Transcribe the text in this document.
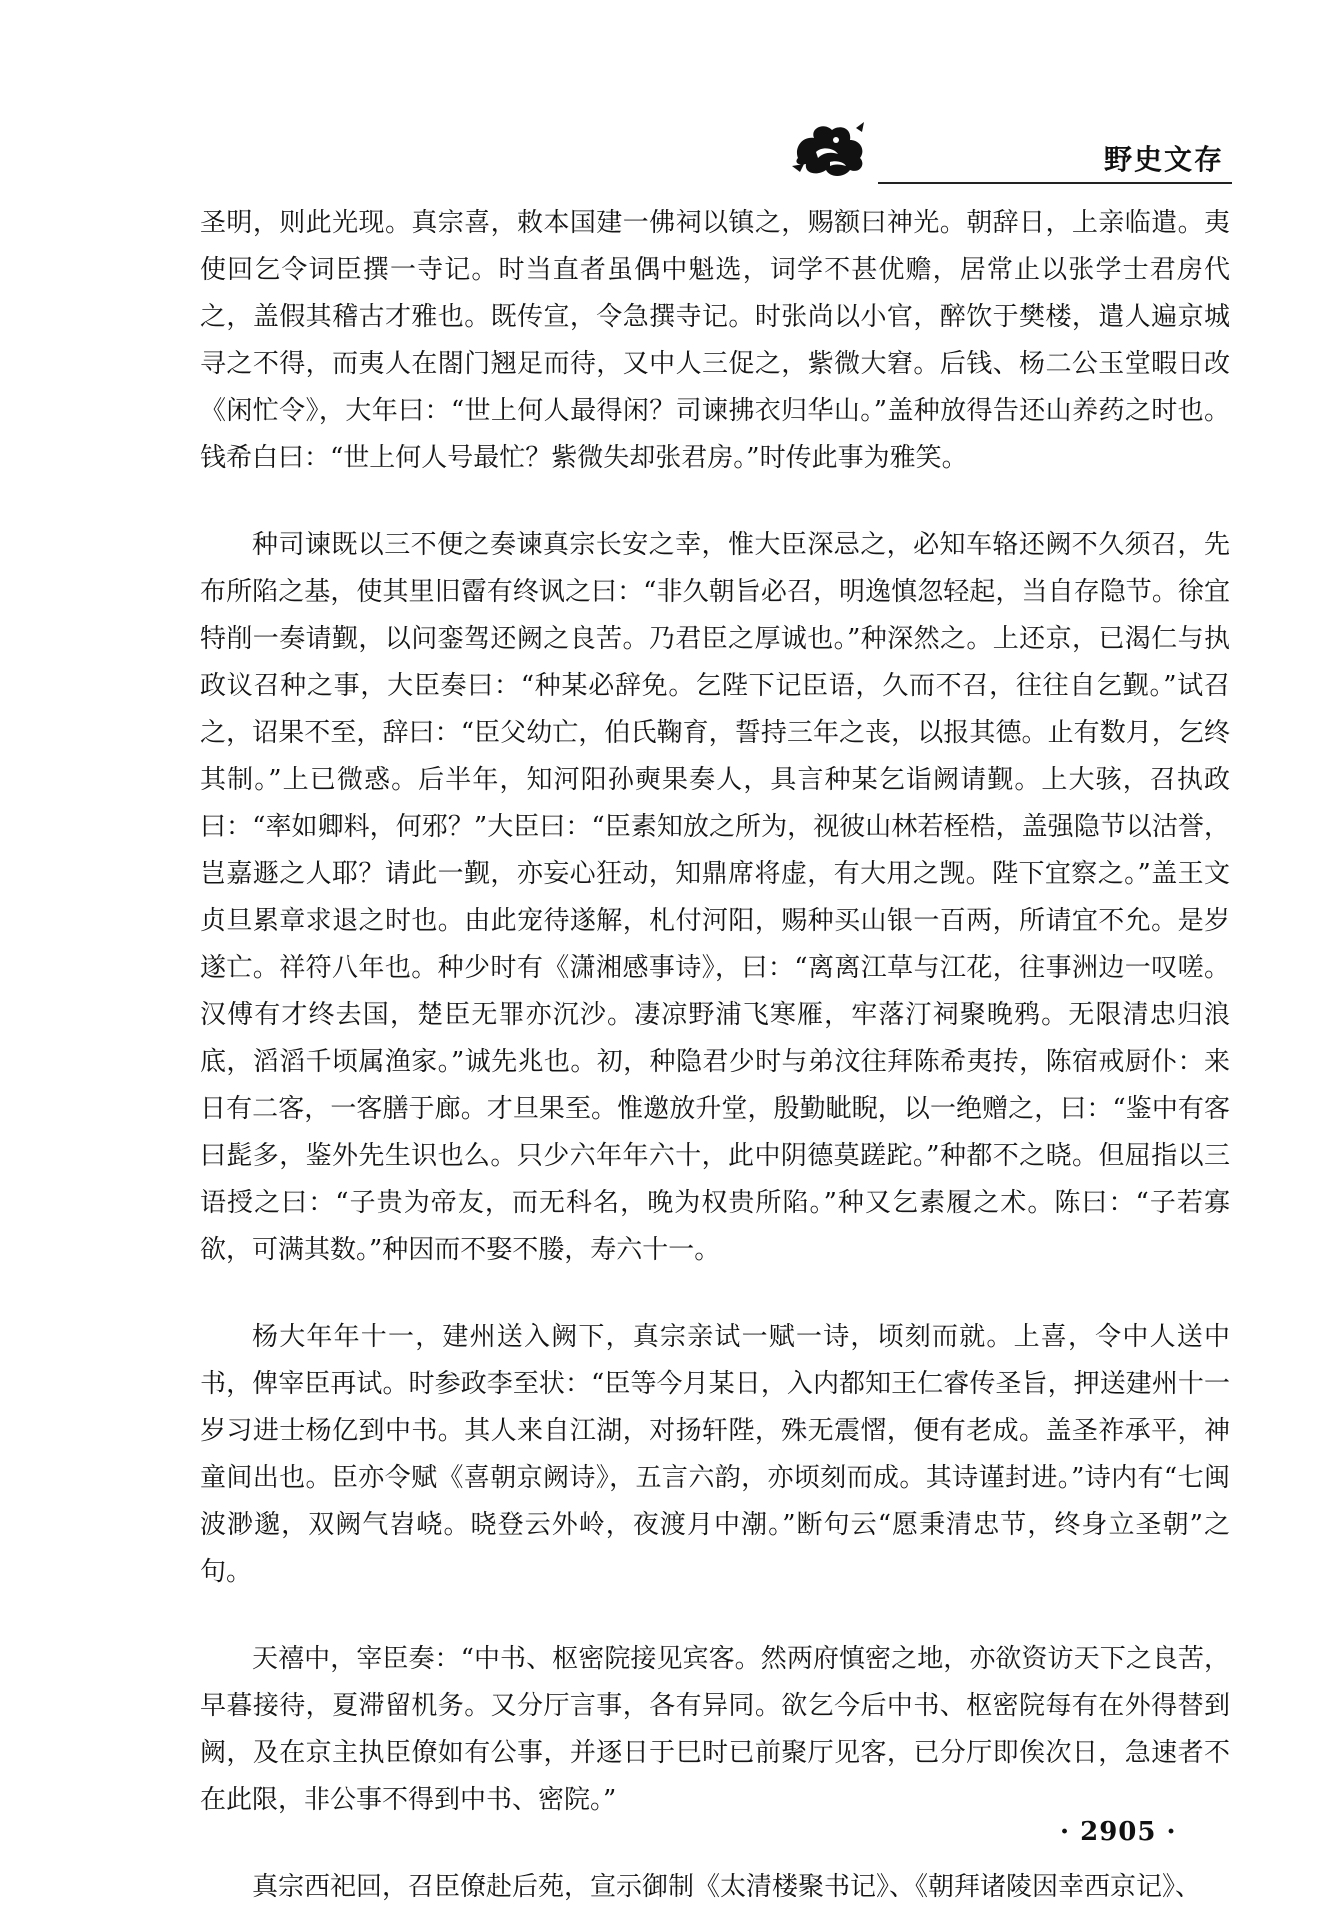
野史文存

圣明，则此光现。真宗喜，敕本国建一佛祠以镇之，赐额曰神光。朝辞日，上亲临遣。夷使回乞令词臣撰一寺记。时当直者虽偶中魁选，词学不甚优赡，居常止以张学士君房代之，盖假其稽古才雅也。既传宣，令急撰寺记。时张尚以小官，醉饮于樊楼，遣人遍京城寻之不得，而夷人在閤门翘足而待，又中人三促之，紫微大窘。后钱、杨二公玉堂暇日改《闲忙令》，大年曰：“世上何人最得闲？司谏拂衣归华山。”盖种放得告还山养药之时也。钱希白曰：“世上何人号最忙？紫微失却张君房。”时传此事为雅笑。

种司谏既以三不便之奏谏真宗长安之幸，惟大臣深忌之，必知车辂还阙不久须召，先布所陷之基，使其里旧霤有终讽之曰：“非久朝旨必召，明逸慎忽轻起，当自存隐节。徐宜特削一奏请觐，以问銮驾还阙之良苦。乃君臣之厚诚也。”种深然之。上还京，已渴仁与执政议召种之事，大臣奏曰：“种某必辞免。乞陛下记臣语，久而不召，往往自乞觐。”试召之，诏果不至，辞曰：“臣父幼亡，伯氏鞠育，誓持三年之丧，以报其德。止有数月，乞终其制。”上已微惑。后半年，知河阳孙奭果奏人，具言种某乞诣阙请觐。上大骇，召执政曰：“率如卿料，何邪？”大臣曰：“臣素知放之所为，视彼山林若桎梏，盖强隐节以沽誉，岂嘉遯之人耶？请此一觐，亦妄心狂动，知鼎席将虚，有大用之觊。陛下宜察之。”盖王文贞旦累章求退之时也。由此宠待遂解，札付河阳，赐种买山银一百两，所请宜不允。是岁遂亡。祥符八年也。种少时有《潇湘感事诗》，曰：“离离江草与江花，往事洲边一叹嗟。汉傅有才终去国，楚臣无罪亦沉沙。凄凉野浦飞寒雁，牢落汀祠聚晚鸦。无限清忠归浪底，滔滔千顷属渔家。”诚先兆也。初，种隐君少时与弟汶往拜陈希夷抟，陈宿戒厨仆：来日有二客，一客膳于廊。才旦果至。惟邀放升堂，殷勤眦睨，以一绝赠之，曰：“鉴中有客曰髭多，鉴外先生识也么。只少六年年六十，此中阴德莫蹉跎。”种都不之晓。但屈指以三语授之曰：“子贵为帝友，而无科名，晚为权贵所陷。”种又乞素履之术。陈曰：“子若寡欲，可满其数。”种因而不娶不媵，寿六十一。

杨大年年十一，建州送入阙下，真宗亲试一赋一诗，顷刻而就。上喜，令中人送中书，俾宰臣再试。时参政李至状：“臣等今月某日，入内都知王仁睿传圣旨，押送建州十一岁习进士杨亿到中书。其人来自江湖，对扬轩陛，殊无震慴，便有老成。盖圣祚承平，神童间出也。臣亦令赋《喜朝京阙诗》，五言六韵，亦顷刻而成。其诗谨封进。”诗内有“七闽波渺邈，双阙气岧峣。晓登云外岭，夜渡月中潮。”断句云“愿秉清忠节，终身立圣朝”之句。

天禧中，宰臣奏：“中书、枢密院接见宾客。然两府慎密之地，亦欲资访天下之良苦，早暮接待，夏滞留机务。又分厅言事，各有异同。欲乞今后中书、枢密院每有在外得替到阙，及在京主执臣僚如有公事，并逐日于巳时已前聚厅见客，已分厅即俟次日，急速者不在此限，非公事不得到中书、密院。”

真宗西祀回，召臣僚赴后苑，宣示御制《太清楼聚书记》、《朝拜诸陵因幸西京记》、

· 2905 ·
